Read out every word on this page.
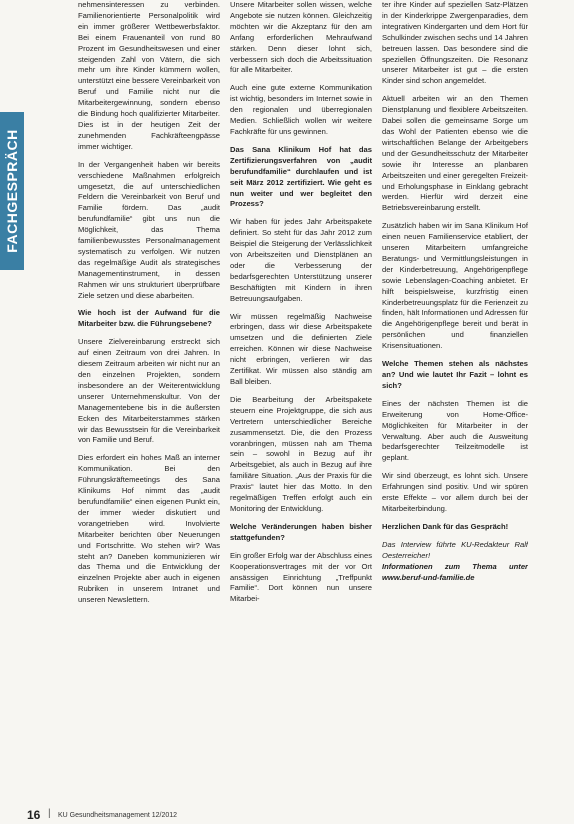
FACHGESPRÄCH

nehmensinteressen zu verbinden. Familienorientierte Personalpolitik wird ein immer größerer Wettbewerbsfaktor. Bei einem Frauenanteil von rund 80 Prozent im Gesundheitswesen und einer steigenden Zahl von Vätern, die sich mehr um ihre Kinder kümmern wollen, unterstützt eine bessere Vereinbarkeit von Beruf und Familie nicht nur die Mitarbeitergewinnung, sondern ebenso die Bindung hoch qualifizierter Mitarbeiter. Dies ist in der heutigen Zeit der zunehmenden Fachkräfteengpässe immer wichtiger.

In der Vergangenheit haben wir bereits verschiedene Maßnahmen erfolgreich umgesetzt, die auf unterschiedlichen Feldern die Vereinbarkeit von Beruf und Familie fördern. Das „audit berufundfamilie“ gibt uns nun die Möglichkeit, das Thema familienbewusstes Personalmanagement systematisch zu verfolgen. Wir nutzen das regelmäßige Audit als strategisches Managementinstrument, in dessen Rahmen wir uns strukturiert überprüfbare Ziele setzen und diese abarbeiten.

Wie hoch ist der Aufwand für die Mitarbeiter bzw. die Führungsebene?

Unsere Zielvereinbarung erstreckt sich auf einen Zeitraum von drei Jahren. In diesem Zeitraum arbeiten wir nicht nur an den einzelnen Projekten, sondern insbesondere an der Weiterentwicklung unserer Unternehmenskultur. Von der Managementebene bis in die äußersten Ecken des Mitarbeiterstammes stärken wir das Bewusstsein für die Vereinbarkeit von Familie und Beruf.

Dies erfordert ein hohes Maß an interner Kommunikation. Bei den Führungskräftemeetings des Sana Klinikums Hof nimmt das „audit berufundfamilie“ einen eigenen Punkt ein, der immer wieder diskutiert und vorangetrieben wird. Involvierte Mitarbeiter berichten über Neuerungen und Fortschritte. Wo stehen wir? Was steht an? Daneben kommunizieren wir das Thema und die Entwicklung der einzelnen Projekte aber auch in eigenen Rubriken in unserem Intranet und unseren Newslettern.

Unsere Mitarbeiter sollen wissen, welche Angebote sie nutzen können. Gleichzeitig möchten wir die Akzeptanz für den am Anfang erforderlichen Mehraufwand stärken. Denn dieser lohnt sich, verbessern sich doch die Arbeitssituation für alle Mitarbeiter.

Auch eine gute externe Kommunikation ist wichtig, besonders im Internet sowie in den regionalen und überregionalen Medien. Schließlich wollen wir weitere Fachkräfte für uns gewinnen.

Das Sana Klinikum Hof hat das Zertifizierungsverfahren von „audit berufundfamilie“ durchlaufen und ist seit März 2012 zertifiziert. Wie geht es nun weiter und wer begleitet den Prozess?

Wir haben für jedes Jahr Arbeitspakete definiert. So steht für das Jahr 2012 zum Beispiel die Steigerung der Verlässlichkeit von Arbeitszeiten und Dienstplänen an oder die Verbesserung der bedarfsgerechten Unterstützung unserer Beschäftigten mit Kindern in ihren Betreuungsaufgaben.

Wir müssen regelmäßig Nachweise erbringen, dass wir diese Arbeitspakete umsetzen und die definierten Ziele erreichen. Können wir diese Nachweise nicht erbringen, verlieren wir das Zertifikat. Wir müssen also ständig am Ball bleiben.

Die Bearbeitung der Arbeitspakete steuern eine Projektgruppe, die sich aus Vertretern unterschiedlicher Bereiche zusammensetzt. Die, die den Prozess voranbringen, müssen nah am Thema sein – sowohl in Bezug auf ihr Arbeitsgebiet, als auch in Bezug auf ihre familiäre Situation. „Aus der Praxis für die Praxis“ lautet hier das Motto. In den regelmäßigen Treffen erfolgt auch ein Monitoring der Entwicklung.

Welche Veränderungen haben bisher stattgefunden?

Ein großer Erfolg war der Abschluss eines Kooperationsvertrages mit der vor Ort ansässigen Einrichtung „Treffpunkt Familie“. Dort können nun unsere Mitarbei-

ter ihre Kinder auf speziellen Satz-Plätzen in der Kinderkrippe Zwergenparadies, dem integrativen Kindergarten und dem Hort für Schulkinder zwischen sechs und 14 Jahren betreuen lassen. Das besondere sind die speziellen Öffnungszeiten. Die Resonanz unserer Mitarbeiter ist gut – die ersten Kinder sind schon angemeldet.

Aktuell arbeiten wir an den Themen Dienstplanung und flexiblere Arbeitszeiten. Dabei sollen die gemeinsame Sorge um das Wohl der Patienten ebenso wie die wirtschaftlichen Belange der Arbeitgebers und der Gesundheitsschutz der Mitarbeiter sowie ihr Interesse an planbaren Arbeitszeiten und einer geregelten Freizeit- und Erholungsphase in Einklang gebracht werden. Hierfür wird derzeit eine Betriebsvereinbarung erstellt.

Zusätzlich haben wir im Sana Klinikum Hof einen neuen Familienservice etabliert, der unseren Mitarbeitern umfangreiche Beratungs- und Vermittlungsleistungen in der Kinderbetreuung, Angehörigenpflege sowie Lebenslagen-Coaching anbietet. Er hilft beispielsweise, kurzfristig einen Kinderbetreuungsplatz für die Ferienzeit zu finden, hält Informationen und Adressen für die Angehörigenpflege bereit und berät in persönlichen und finanziellen Krisensituationen.

Welche Themen stehen als nächstes an? Und wie lautet Ihr Fazit – lohnt es sich?

Eines der nächsten Themen ist die Erweiterung von Home-Office-Möglichkeiten für Mitarbeiter in der Verwaltung. Aber auch die Ausweitung bedarfsgerechter Teilzeitmodelle ist geplant.

Wir sind überzeugt, es lohnt sich. Unsere Erfahrungen sind positiv. Und wir spüren erste Effekte – vor allem durch bei der Mitarbeiterbindung.

Herzlichen Dank für das Gespräch!

Das Interview führte KU-Redakteur Ralf Oesterreicher!

Informationen zum Thema unter www.beruf-und-familie.de

16 | KU Gesundheitsmanagement 12/2012
